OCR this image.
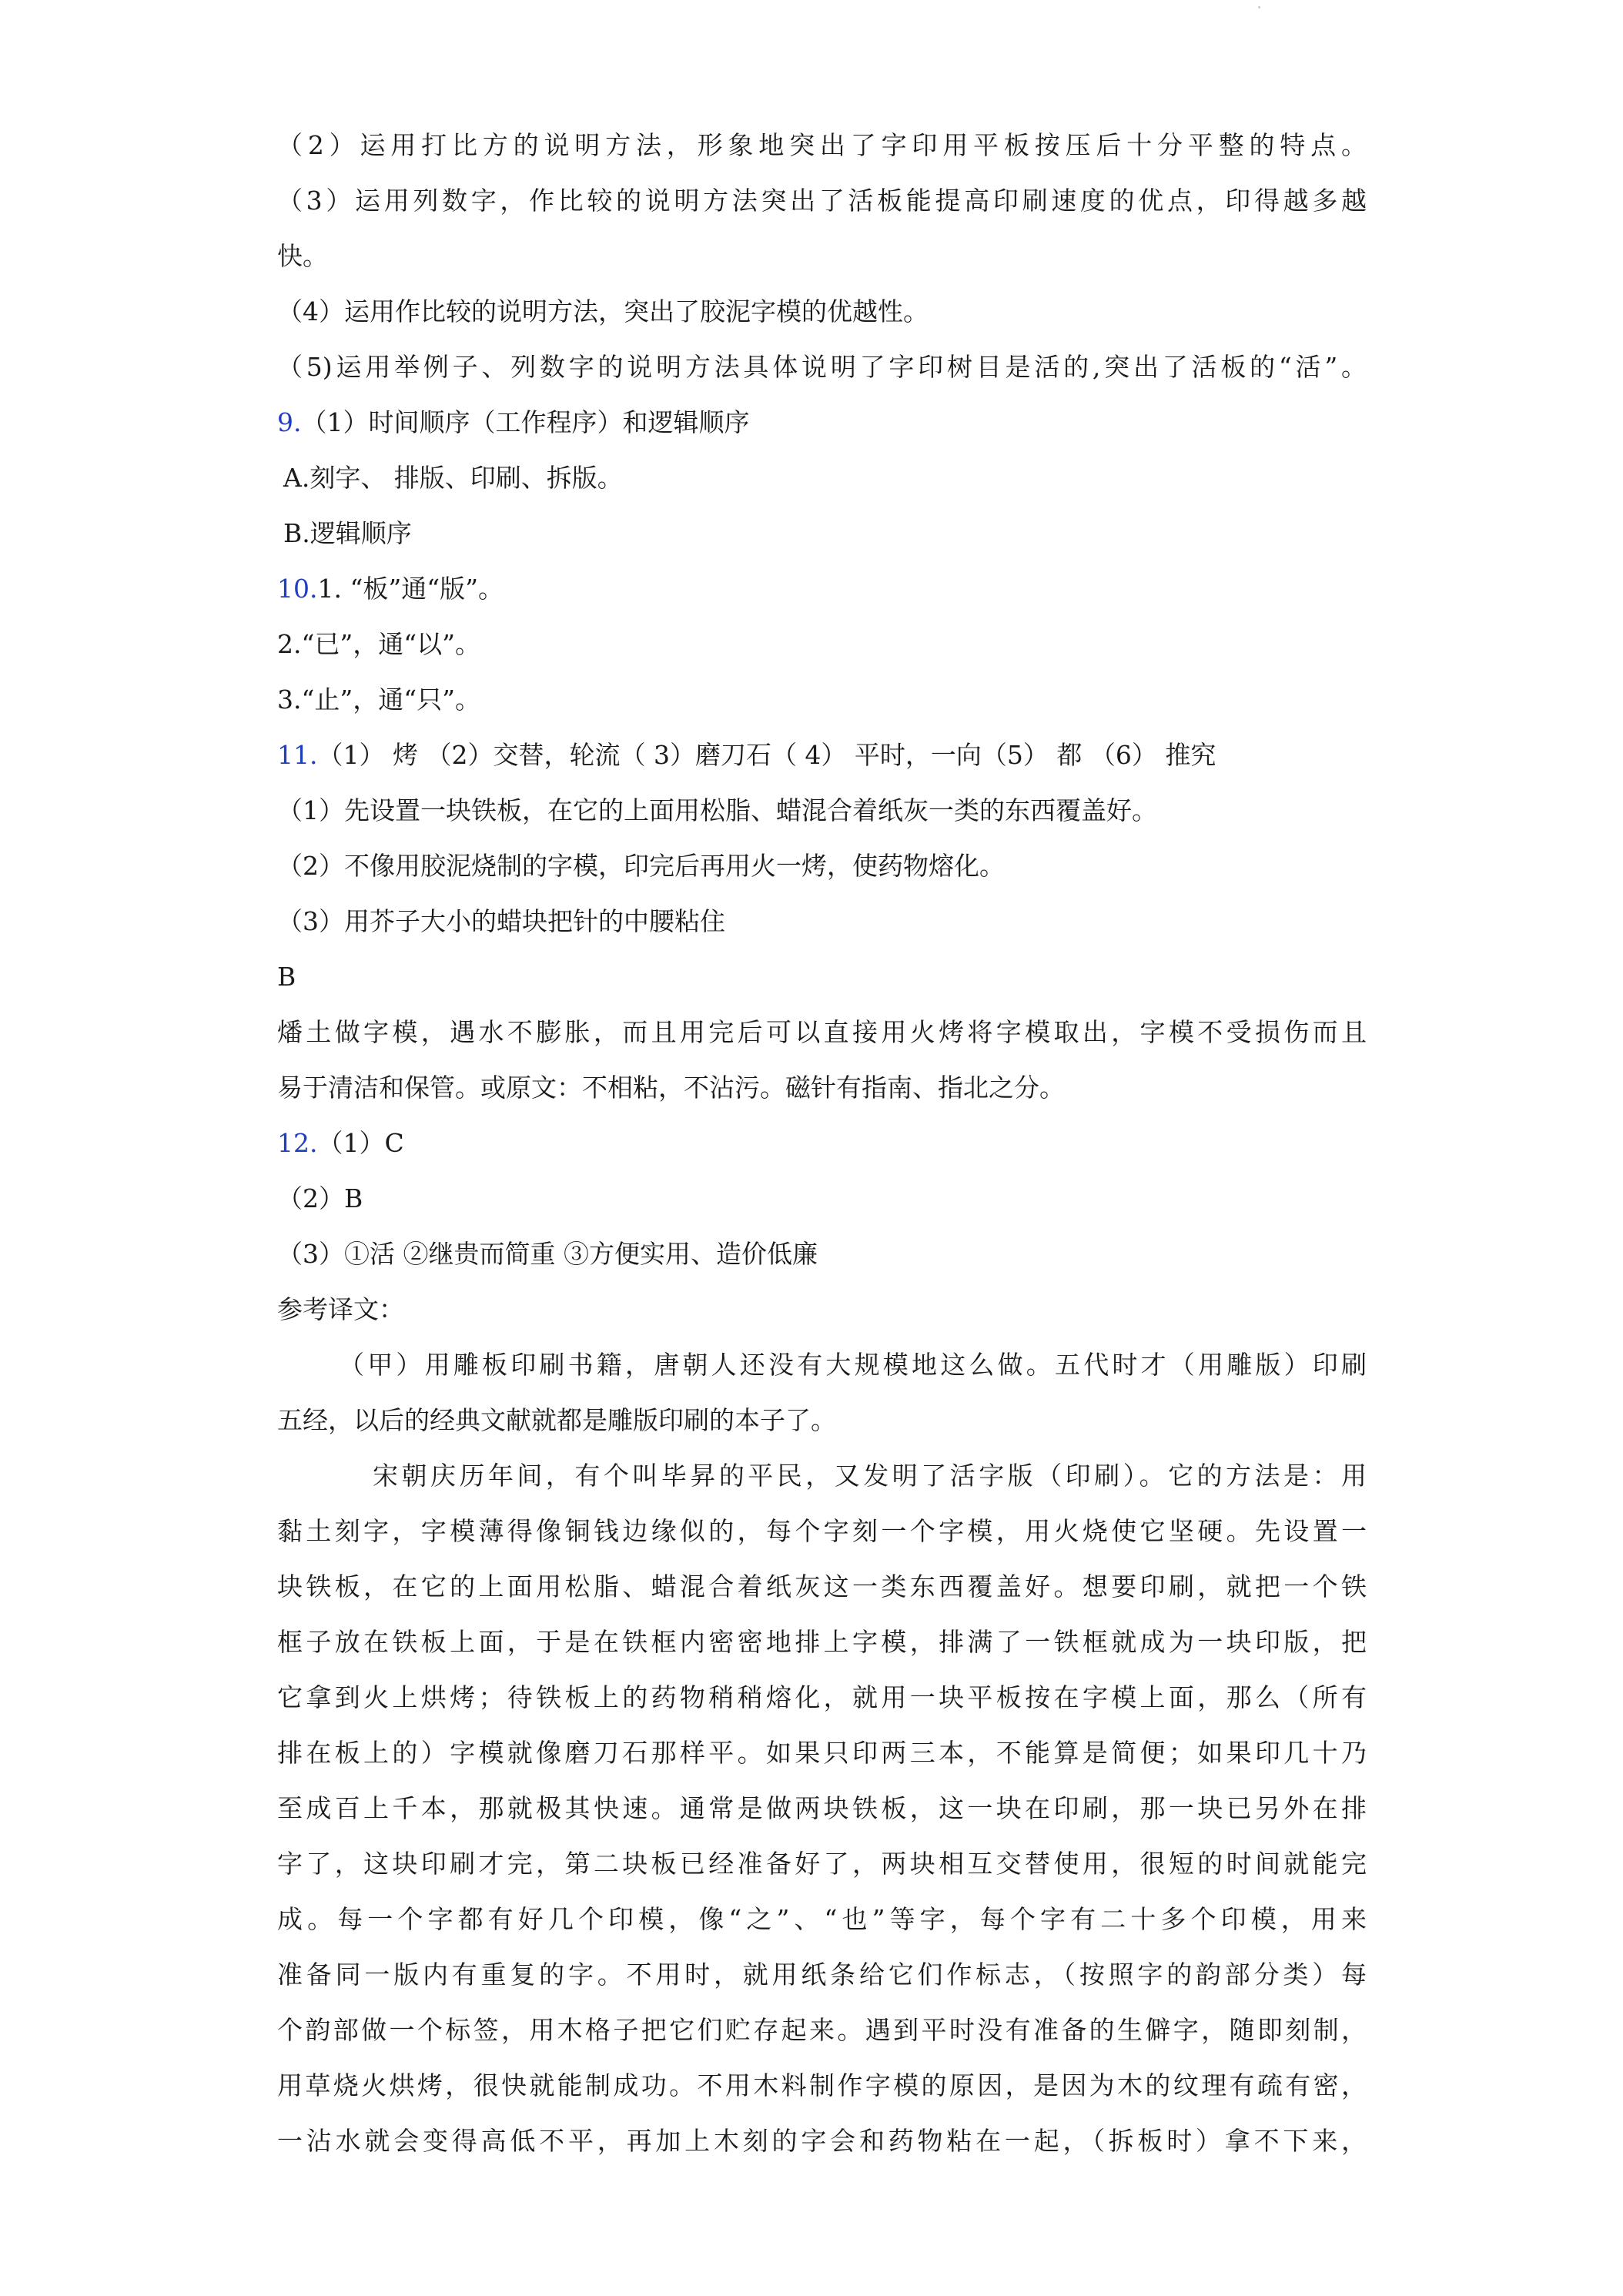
（2）运用打比方的说明方法，形象地突出了字印用平板按压后十分平整的特点。
（3）运用列数字，作比较的说明方法突出了活板能提高印刷速度的优点，印得越多越
快。
（4）运用作比较的说明方法，突出了胶泥字模的优越性。
（5)运用举例子、列数字的说明方法具体说明了字印树目是活的,突出了活板的“活”。
9.（1）时间顺序（工作程序）和逻辑顺序
A.刻字、 排版、印刷、拆版。
B.逻辑顺序
10.1. “板”通“版”。
2.“已”，通“以”。
3.“止”，通“只”。
11.（1） 烤 （2）交替，轮流（ 3）磨刀石（ 4） 平时，一向（5） 都 （6） 推究
（1）先设置一块铁板，在它的上面用松脂、蜡混合着纸灰一类的东西覆盖好。
（2）不像用胶泥烧制的字模，印完后再用火一烤，使药物熔化。
（3）用芥子大小的蜡块把针的中腰粘住
B
燔土做字模，遇水不膨胀，而且用完后可以直接用火烤将字模取出，字模不受损伤而且
易于清洁和保管。或原文：不相粘，不沾污。磁针有指南、指北之分。
12.（1）C
（2）B
（3）①活 ②继贵而简重 ③方便实用、造价低廉
参考译文：
（甲）用雕板印刷书籍，唐朝人还没有大规模地这么做。五代时才（用雕版）印刷
五经，以后的经典文献就都是雕版印刷的本子了。
宋朝庆历年间，有个叫毕昇的平民，又发明了活字版（印刷）。它的方法是：用
黏土刻字，字模薄得像铜钱边缘似的，每个字刻一个字模，用火烧使它坚硬。先设置一
块铁板，在它的上面用松脂、蜡混合着纸灰这一类东西覆盖好。想要印刷，就把一个铁
框子放在铁板上面，于是在铁框内密密地排上字模，排满了一铁框就成为一块印版，把
它拿到火上烘烤；待铁板上的药物稍稍熔化，就用一块平板按在字模上面，那么（所有
排在板上的）字模就像磨刀石那样平。如果只印两三本，不能算是简便；如果印几十乃
至成百上千本，那就极其快速。通常是做两块铁板，这一块在印刷，那一块已另外在排
字了，这块印刷才完，第二块板已经准备好了，两块相互交替使用，很短的时间就能完
成。每一个字都有好几个印模，像“之”、“也”等字，每个字有二十多个印模，用来
准备同一版内有重复的字。不用时，就用纸条给它们作标志，（按照字的韵部分类）每
个韵部做一个标签，用木格子把它们贮存起来。遇到平时没有准备的生僻字，随即刻制，
用草烧火烘烤，很快就能制成功。不用木料制作字模的原因，是因为木的纹理有疏有密，
一沾水就会变得高低不平，再加上木刻的字会和药物粘在一起，（拆板时）拿不下来，
